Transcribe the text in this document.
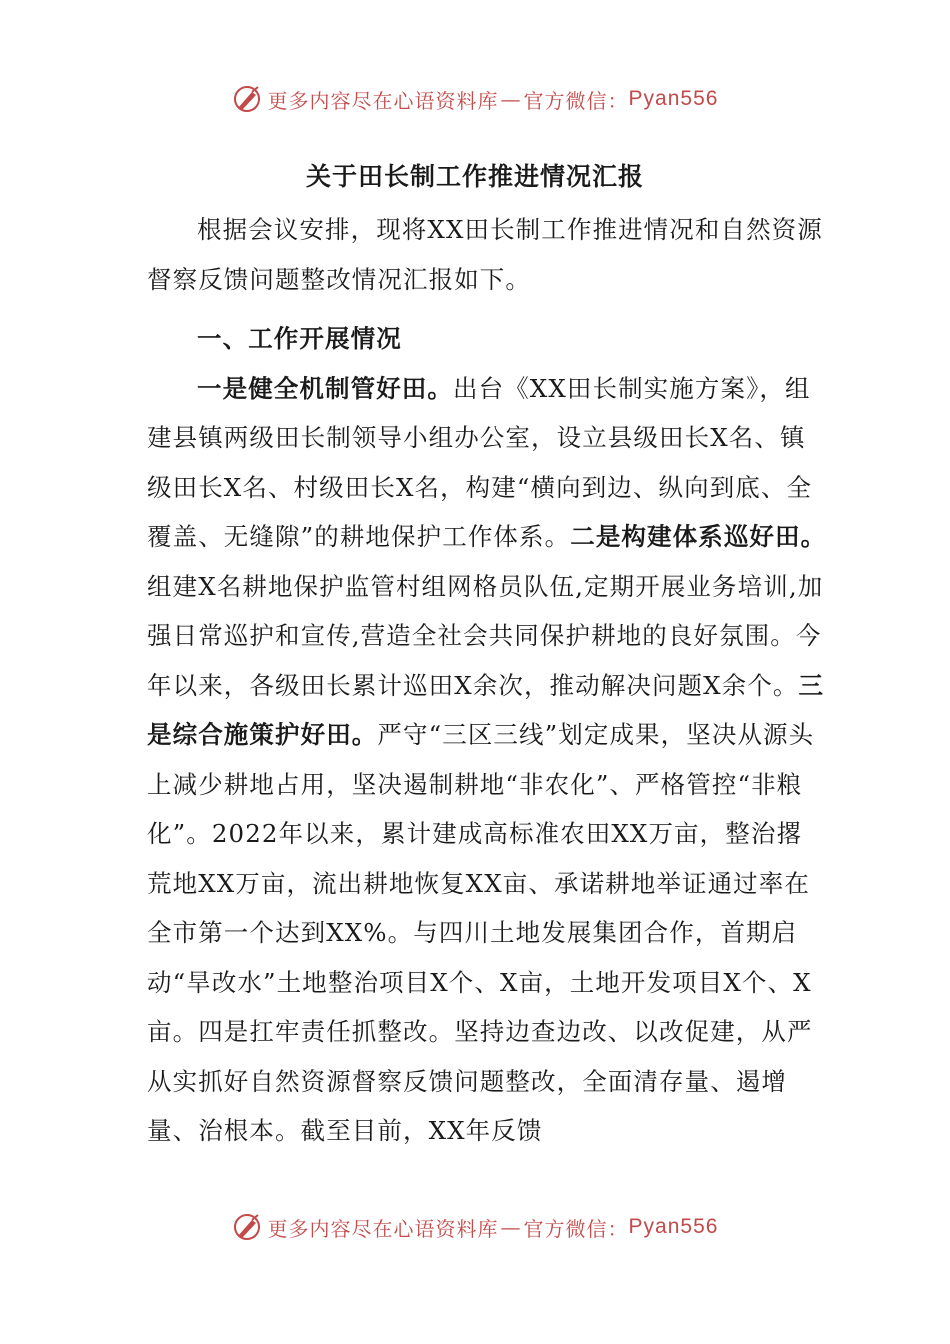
更多内容尽在心语资料库 — 官方微信： Pyan556
关于田长制工作推进情况汇报

根据会议安排，现将XX田长制工作推进情况和自然资源督察反馈问题整改情况汇报如下。

一、工作开展情况

一是健全机制管好田。出台《XX田长制实施方案》，组建县镇两级田长制领导小组办公室，设立县级田长X名、镇级田长X名、村级田长X名，构建“横向到边、纵向到底、全覆盖、无缝隙”的耕地保护工作体系。二是构建体系巡好田。组建X名耕地保护监管村组网格员队伍,定期开展业务培训,加强日常巡护和宣传,营造全社会共同保护耕地的良好氛围。今年以来，各级田长累计巡田X余次，推动解决问题X余个。三是综合施策护好田。严守“三区三线”划定成果，坚决从源头上减少耕地占用，坚决遏制耕地“非农化”、严格管控“非粮化”。2022年以来，累计建成高标准农田XX万亩，整治撂荒地XX万亩，流出耕地恢复XX亩、承诺耕地举证通过率在全市第一个达到XX%。与四川土地发展集团合作，首期启动“旱改水”土地整治项目X个、X亩，土地开发项目X个、X亩。四是扛牢责任抓整改。坚持边查边改、以改促建，从严从实抓好自然资源督察反馈问题整改，全面清存量、遏增量、治根本。截至目前，XX年反馈

更多内容尽在心语资料库 — 官方微信： Pyan556
